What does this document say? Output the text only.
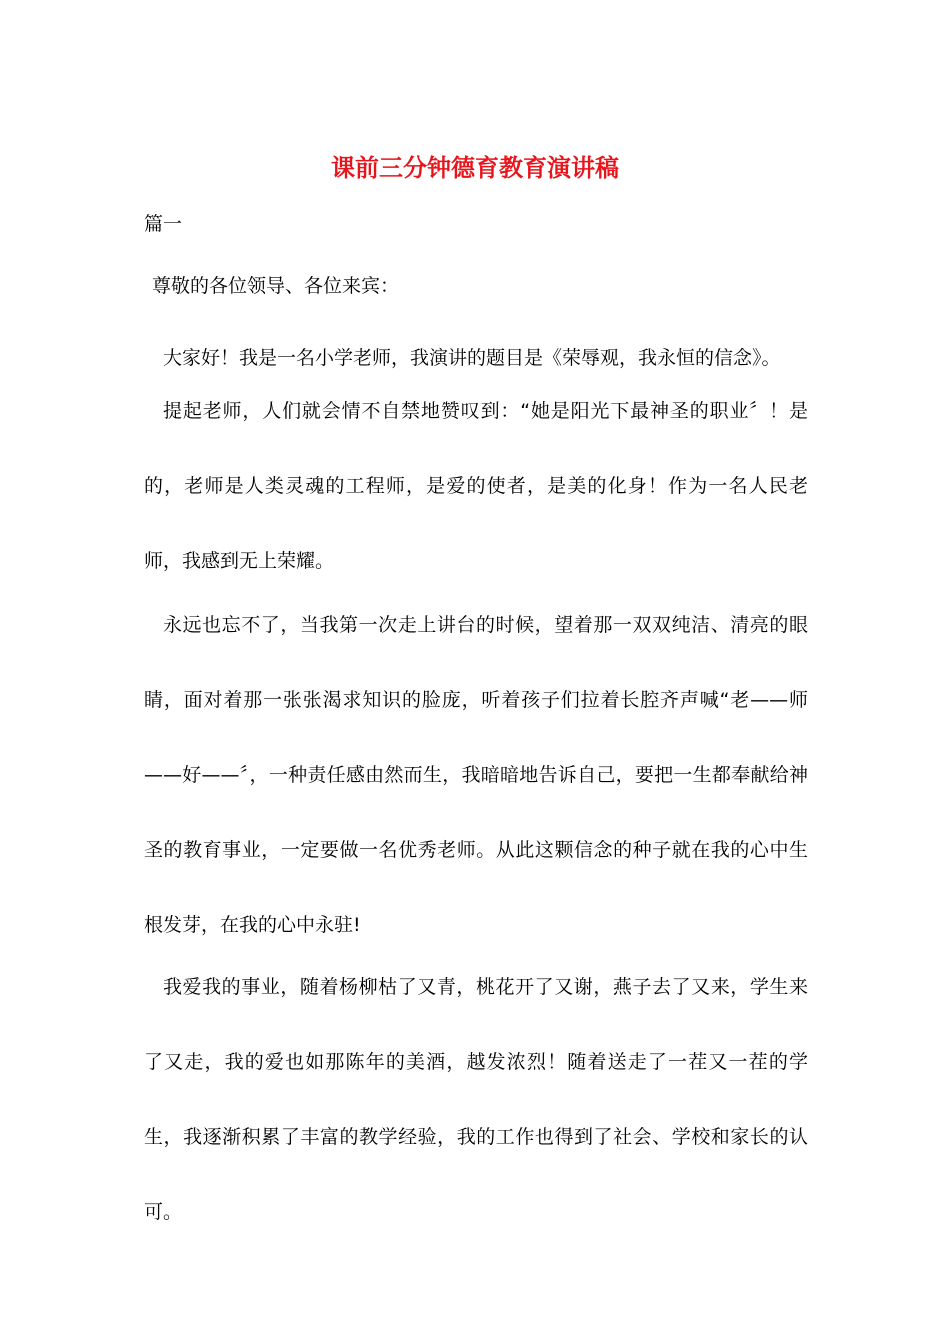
课前三分钟德育教育演讲稿
篇一
尊敬的各位领导、各位来宾：

大家好！我是一名小学老师，我演讲的题目是《荣辱观，我永恒的信念》。

提起老师，人们就会情不自禁地赞叹到：“她是阳光下最神圣的职业〞！是的，老师是人类灵魂的工程师，是爱的使者，是美的化身！作为一名人民老师，我感到无上荣耀。

永远也忘不了，当我第一次走上讲台的时候，望着那一双双纯洁、清亮的眼睛，面对着那一张张渴求知识的脸庞，听着孩子们拉着长腔齐声喊“老——师——好——〞，一种责任感由然而生，我暗暗地告诉自己，要把一生都奉献给神圣的教育事业，一定要做一名优秀老师。从此这颗信念的种子就在我的心中生根发芽，在我的心中永驻!

我爱我的事业，随着杨柳枯了又青，桃花开了又谢，燕子去了又来，学生来了又走，我的爱也如那陈年的美酒，越发浓烈！随着送走了一茬又一茬的学生，我逐渐积累了丰富的教学经验，我的工作也得到了社会、学校和家长的认可。
